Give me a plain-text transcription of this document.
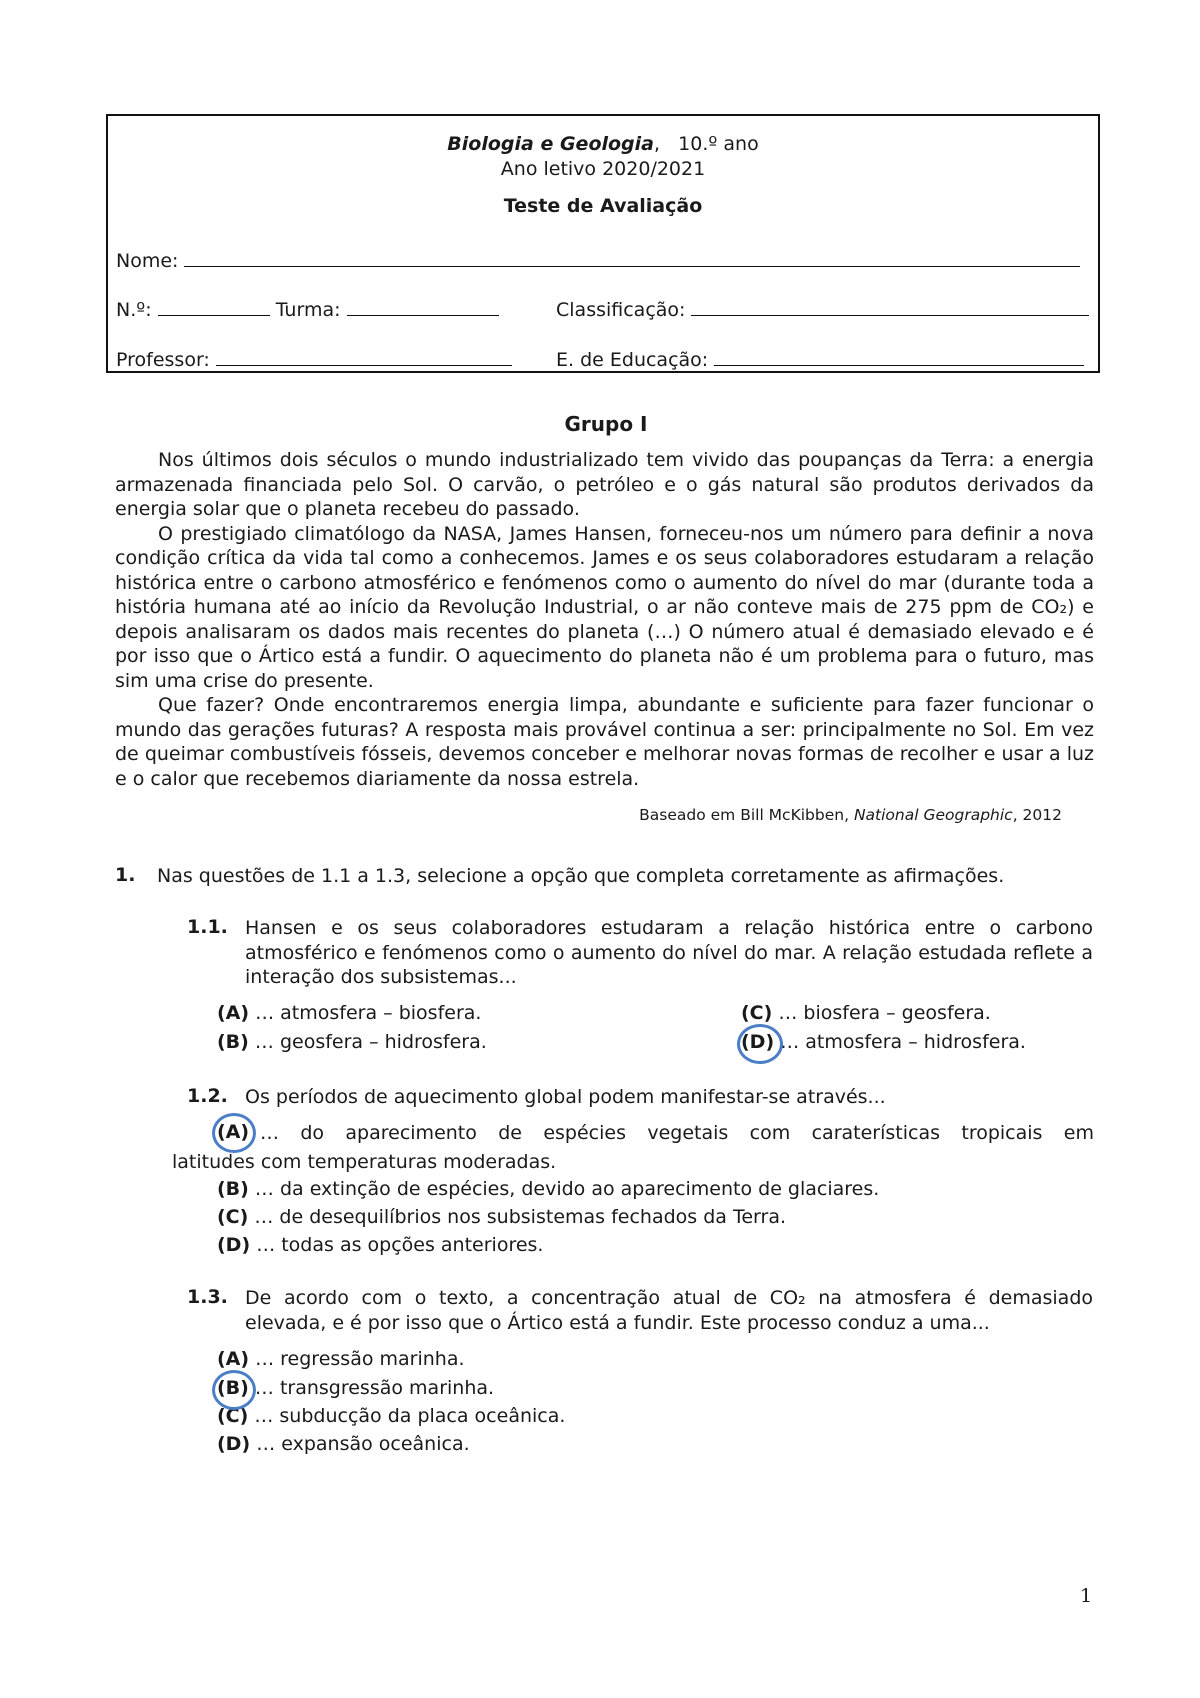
Biologia e Geologia, 10.º ano
Ano letivo 2020/2021
Teste de Avaliação
Nome:
N.º:	Turma:	Classificação:
Professor:	E. de Educação:
Grupo I

Nos últimos dois séculos o mundo industrializado tem vivido das poupanças da Terra: a energia armazenada financiada pelo Sol. O carvão, o petróleo e o gás natural são produtos derivados da energia solar que o planeta recebeu do passado.

O prestigiado climatólogo da NASA, James Hansen, forneceu-nos um número para definir a nova condição crítica da vida tal como a conhecemos. James e os seus colaboradores estudaram a relação histórica entre o carbono atmosférico e fenómenos como o aumento do nível do mar (durante toda a história humana até ao início da Revolução Industrial, o ar não conteve mais de 275 ppm de CO₂) e depois analisaram os dados mais recentes do planeta (…) O número atual é demasiado elevado e é por isso que o Ártico está a fundir. O aquecimento do planeta não é um problema para o futuro, mas sim uma crise do presente.

Que fazer? Onde encontraremos energia limpa, abundante e suficiente para fazer funcionar o mundo das gerações futuras? A resposta mais provável continua a ser: principalmente no Sol. Em vez de queimar combustíveis fósseis, devemos conceber e melhorar novas formas de recolher e usar a luz e o calor que recebemos diariamente da nossa estrela.

Baseado em Bill McKibben, National Geographic, 2012
1. Nas questões de 1.1 a 1.3, selecione a opção que completa corretamente as afirmações.
1.1. Hansen e os seus colaboradores estudaram a relação histórica entre o carbono atmosférico e fenómenos como o aumento do nível do mar. A relação estudada reflete a interação dos subsistemas...
(A) … atmosfera – biosfera.
(B) … geosfera – hidrosfera.
(C) … biosfera – geosfera.
(D) … atmosfera – hidrosfera.
1.2. Os períodos de aquecimento global podem manifestar-se através...
(A) … do aparecimento de espécies vegetais com caraterísticas tropicais em
latitudes com temperaturas moderadas.
(B) … da extinção de espécies, devido ao aparecimento de glaciares.
(C) … de desequilíbrios nos subsistemas fechados da Terra.
(D) … todas as opções anteriores.
1.3. De acordo com o texto, a concentração atual de CO₂ na atmosfera é demasiado elevada, e é por isso que o Ártico está a fundir. Este processo conduz a uma...
(A) … regressão marinha.
(B) … transgressão marinha.
(C) … subducção da placa oceânica.
(D) … expansão oceânica.
1
